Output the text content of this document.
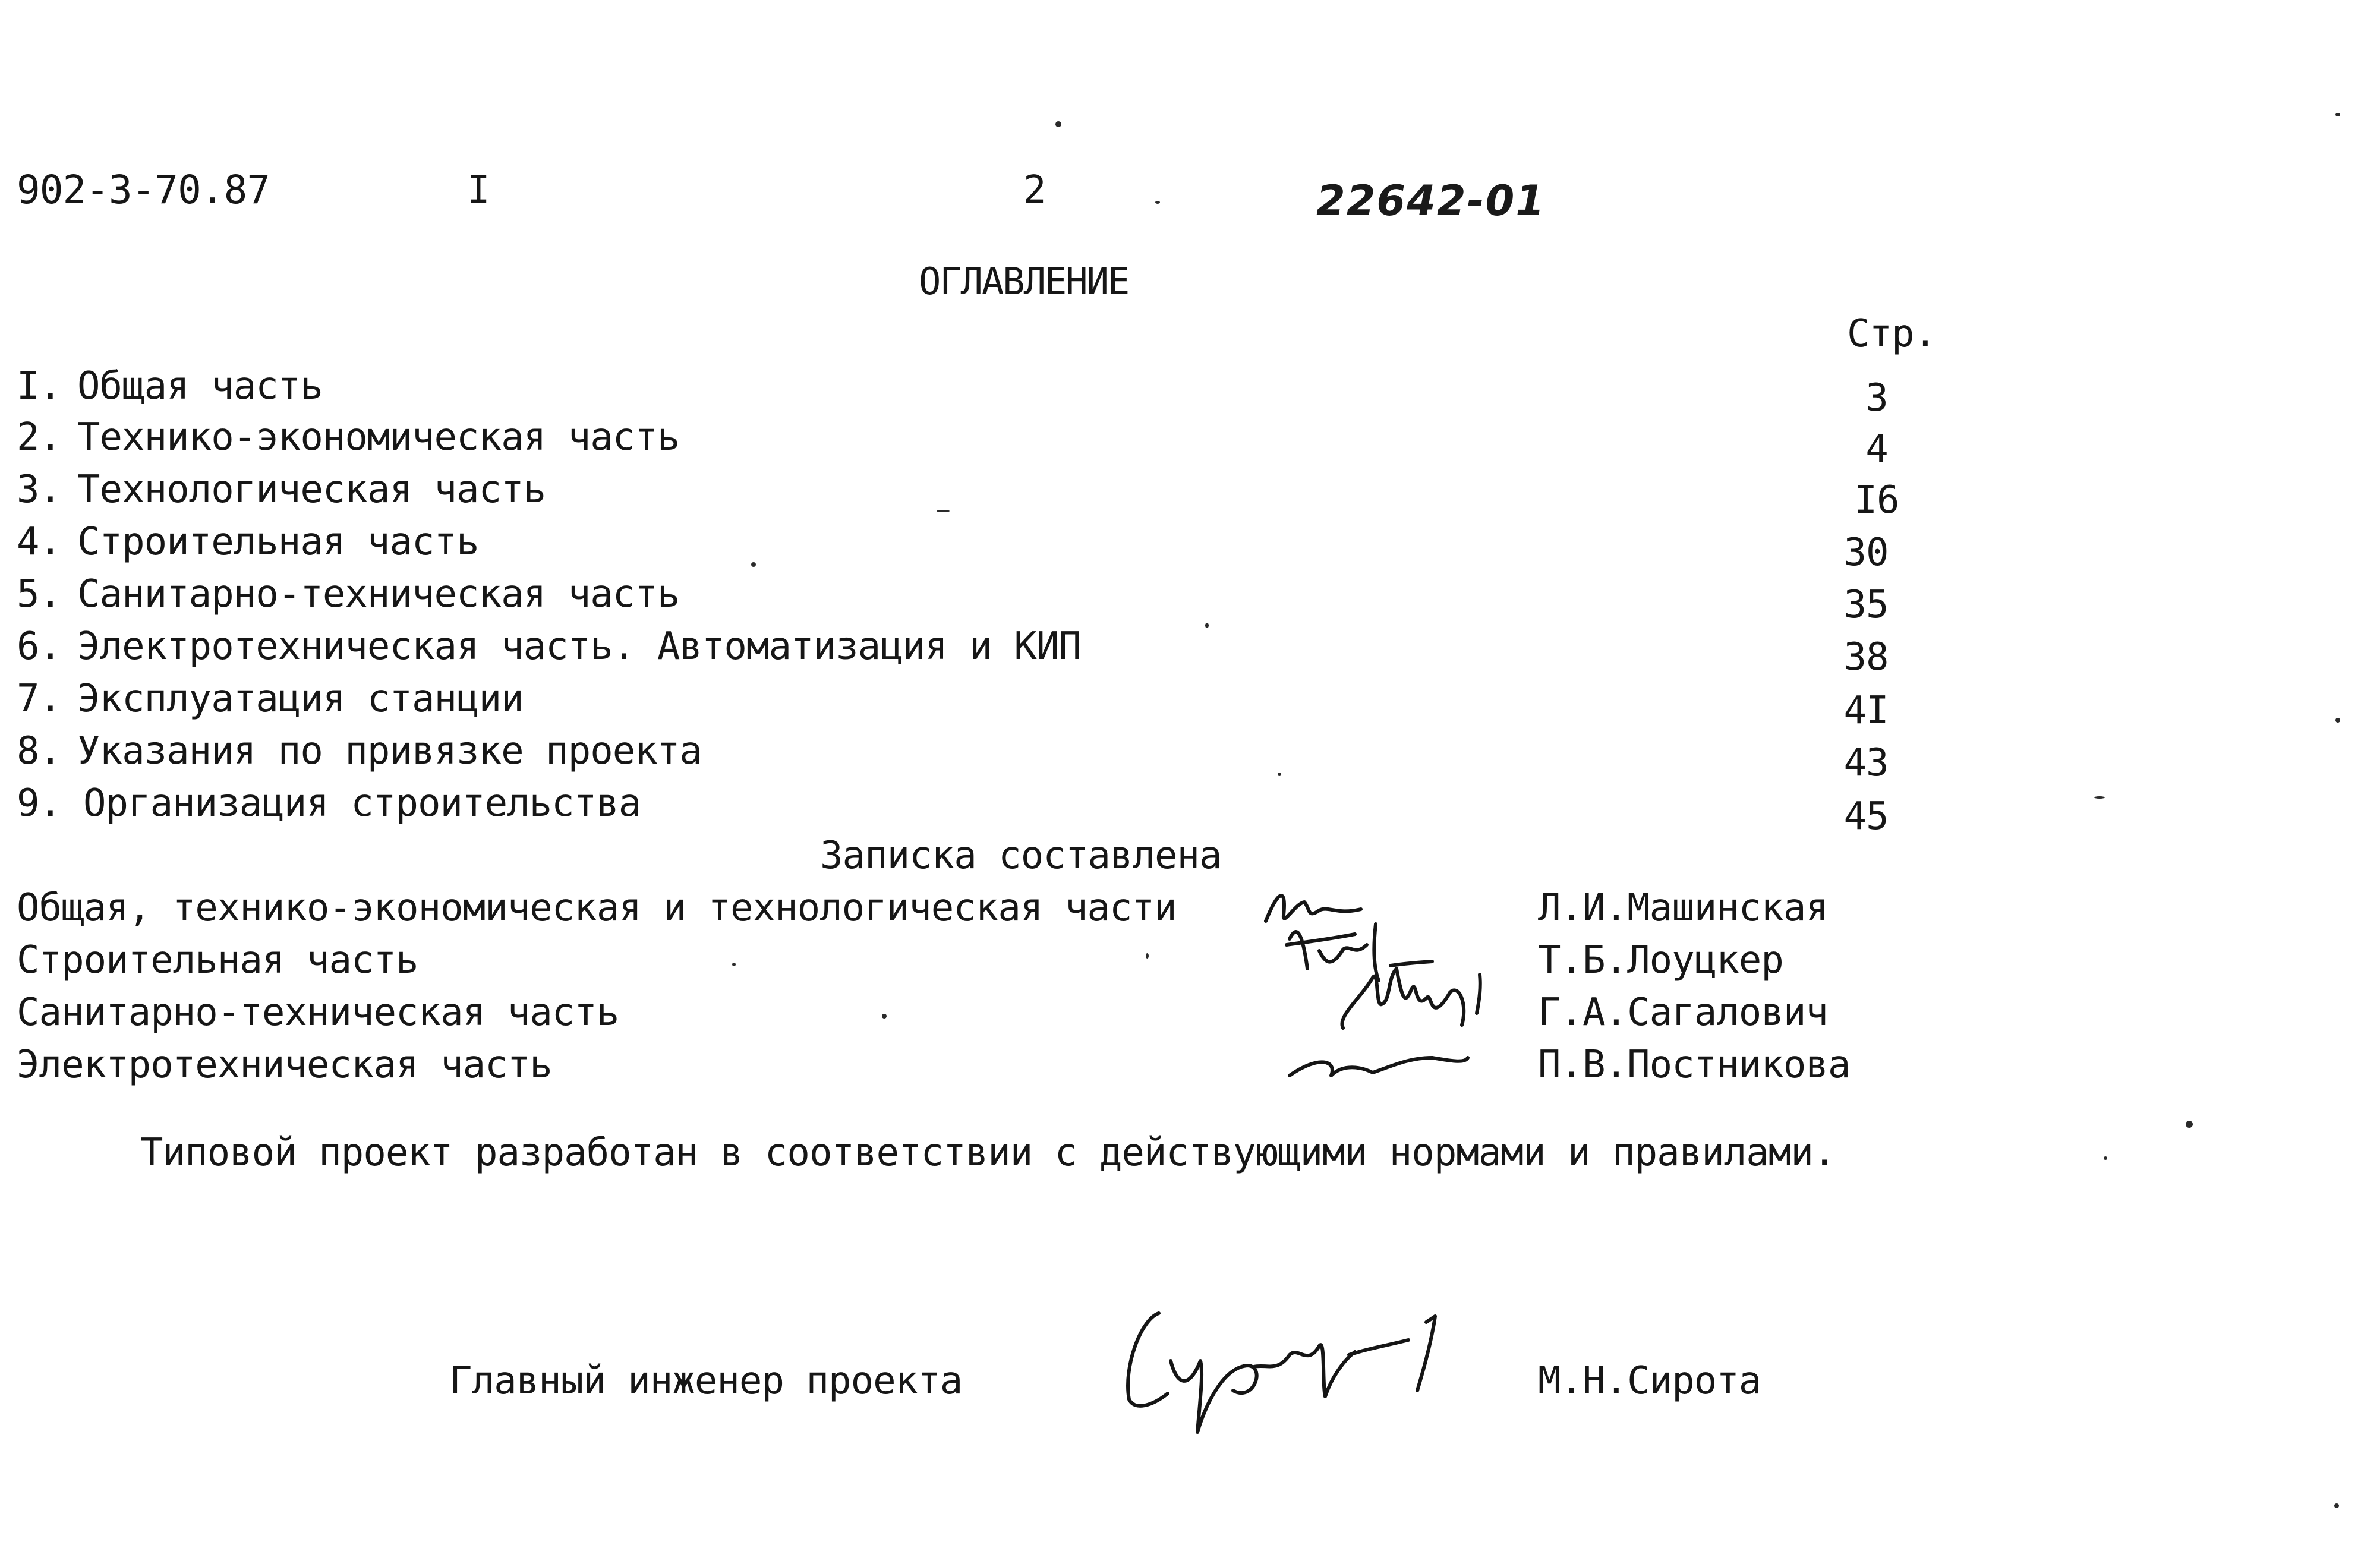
902-3-70.87	I	2	22642-01
ОГЛАВЛЕНИЕ
Стр.
I. Общая часть	3
2. Технико-экономическая часть	4
3. Технологическая часть	I6
4. Строительная часть	30
5. Санитарно-техническая часть	35
6. Электротехническая часть. Автоматизация и КИП	38
7. Эксплуатация станции	4I
8. Указания по привязке проекта	43
9. Организация строительства	45
Записка составлена
Общая, технико-экономическая и технологическая части	Л.И.Машинская
Строительная часть	Т.Б.Лоуцкер
Санитарно-техническая часть	Г.А.Сагалович
Электротехническая часть	П.В.Постникова
Типовой проект разработан в соответствии с действующими нормами и правилами.
Главный инженер проекта	М.Н.Сирота
